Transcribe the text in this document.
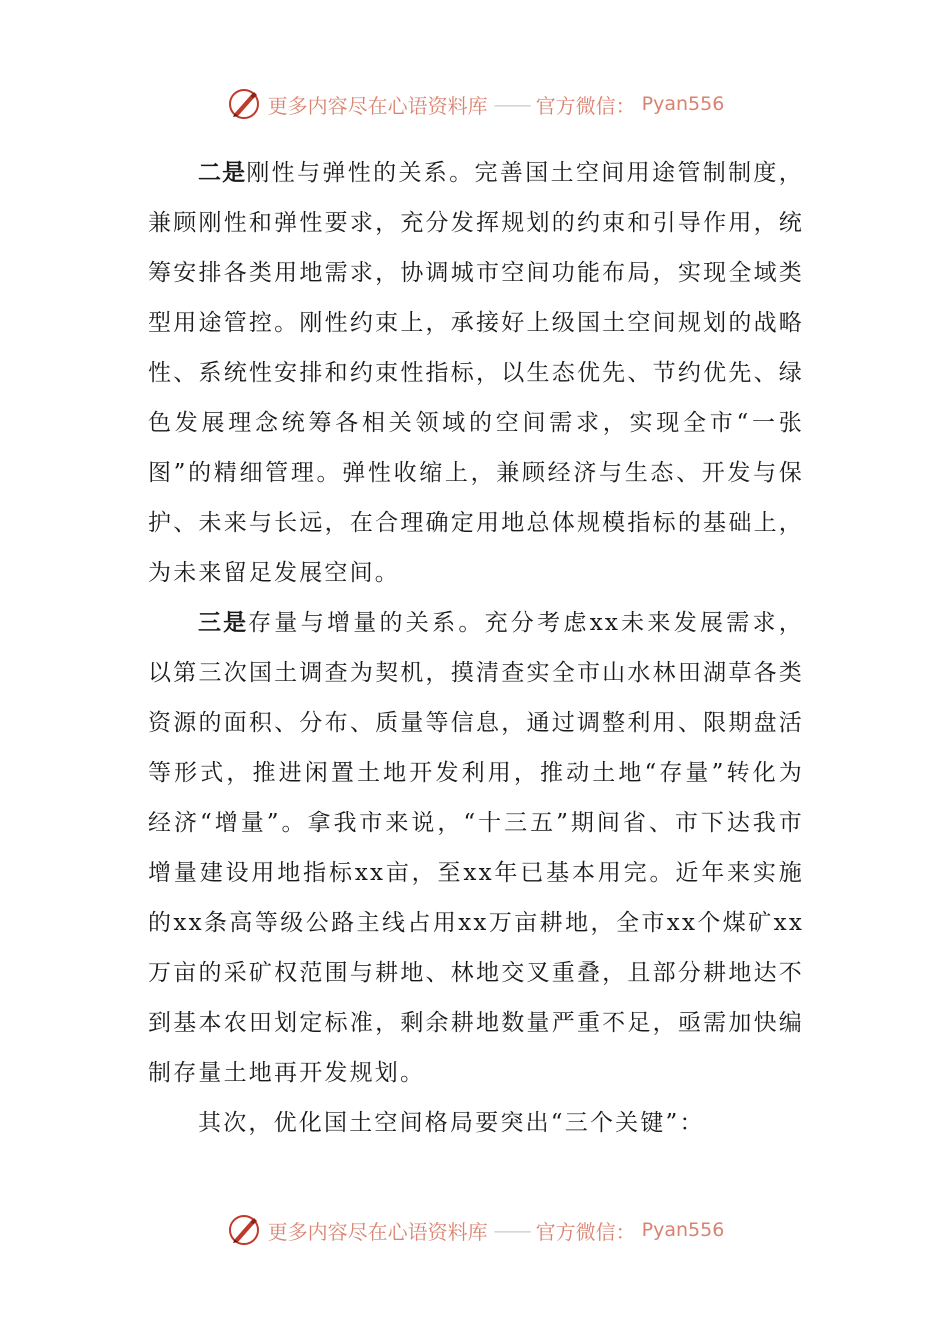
更多内容尽在心语资料库 —— 官方微信： Pyan556

二是刚性与弹性的关系。完善国土空间用途管制制度，兼顾刚性和弹性要求，充分发挥规划的约束和引导作用，统筹安排各类用地需求，协调城市空间功能布局，实现全域类型用途管控。刚性约束上，承接好上级国土空间规划的战略性、系统性安排和约束性指标，以生态优先、节约优先、绿色发展理念统筹各相关领域的空间需求，实现全市“一张图”的精细管理。弹性收缩上，兼顾经济与生态、开发与保护、未来与长远，在合理确定用地总体规模指标的基础上，为未来留足发展空间。

三是存量与增量的关系。充分考虑xx未来发展需求，以第三次国土调查为契机，摸清查实全市山水林田湖草各类资源的面积、分布、质量等信息，通过调整利用、限期盘活等形式，推进闲置土地开发利用，推动土地“存量”转化为经济“增量”。拿我市来说，“十三五”期间省、市下达我市增量建设用地指标xx亩，至xx年已基本用完。近年来实施的xx条高等级公路主线占用xx万亩耕地，全市xx个煤矿xx万亩的采矿权范围与耕地、林地交叉重叠，且部分耕地达不到基本农田划定标准，剩余耕地数量严重不足，亟需加快编制存量土地再开发规划。

其次，优化国土空间格局要突出“三个关键”：

更多内容尽在心语资料库 —— 官方微信： Pyan556
